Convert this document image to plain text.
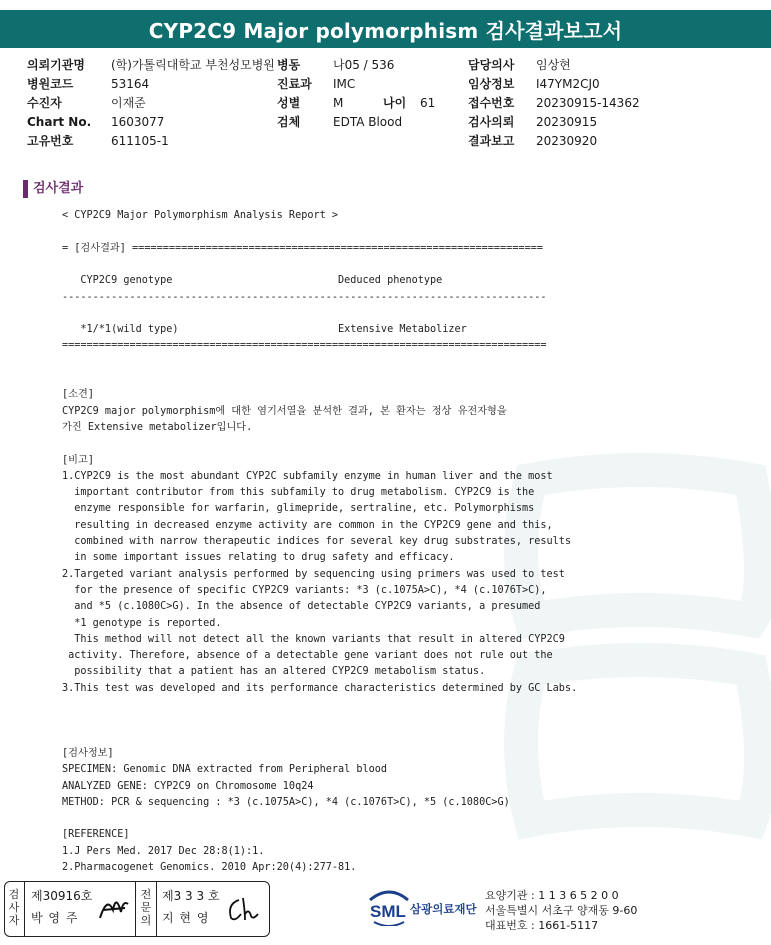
CYP2C9 Major polymorphism 검사결과보고서
의뢰기관명 (학)가톨릭대학교 부천성모병원
병원코드	53164
수진자	이재준
Chart No. 1603077
고유번호	611105-1
병동	나05 / 536
진료과 IMC
성별	M	나이 61
검체	EDTA Blood
담당의사 임상현
임상정보 I47YM2CJ0
접수번호 20230915-14362
검사의뢰 20230915
결과보고 20230920
검사결과
< CYP2C9 Major Polymorphism Analysis Report >
= [검사결과] ===================================================================
CYP2C9 genotype                           Deduced phenotype
-------------------------------------------------------------------------------
*1/*1(wild type)                          Extensive Metabolizer
===============================================================================
[소견]
CYP2C9 major polymorphism에 대한 염기서열을 분석한 결과, 본 환자는 정상 유전자형을
가진 Extensive metabolizer입니다.
[비고]
1.CYP2C9 is the most abundant CYP2C subfamily enzyme in human liver and the most
important contributor from this subfamily to drug metabolism. CYP2C9 is the
enzyme responsible for warfarin, glimepride, sertraline, etc. Polymorphisms
resulting in decreased enzyme activity are common in the CYP2C9 gene and this,
combined with narrow therapeutic indices for several key drug substrates, results
in some important issues relating to drug safety and efficacy.
2.Targeted variant analysis performed by sequencing using primers was used to test
for the presence of specific CYP2C9 variants: *3 (c.1075A>C), *4 (c.1076T>C),
and *5 (c.1080C>G). In the absence of detectable CYP2C9 variants, a presumed
*1 genotype is reported.
This method will not detect all the known variants that result in altered CYP2C9
activity. Therefore, absence of a detectable gene variant does not rule out the
possibility that a patient has an altered CYP2C9 metabolism status.
3.This test was developed and its performance characteristics determined by GC Labs.
[검사정보]
SPECIMEN: Genomic DNA extracted from Peripheral blood
ANALYZED GENE: CYP2C9 on Chromosome 10q24
METHOD: PCR & sequencing : *3 (c.1075A>C), *4 (c.1076T>C), *5 (c.1080C>G)
[REFERENCE]
1.J Pers Med. 2017 Dec 28:8(1):1.
2.Pharmacogenet Genomics. 2010 Apr:20(4):277-81.
검사자
제30916호
박 영 주
전문의
제3 3 3 호
지 현 영	SML 삼광의료재단
요양기관 : 1 1 3 6 5 2 0 0
서울특별시 서초구 양재동 9-60
대표번호 : 1661-5117
